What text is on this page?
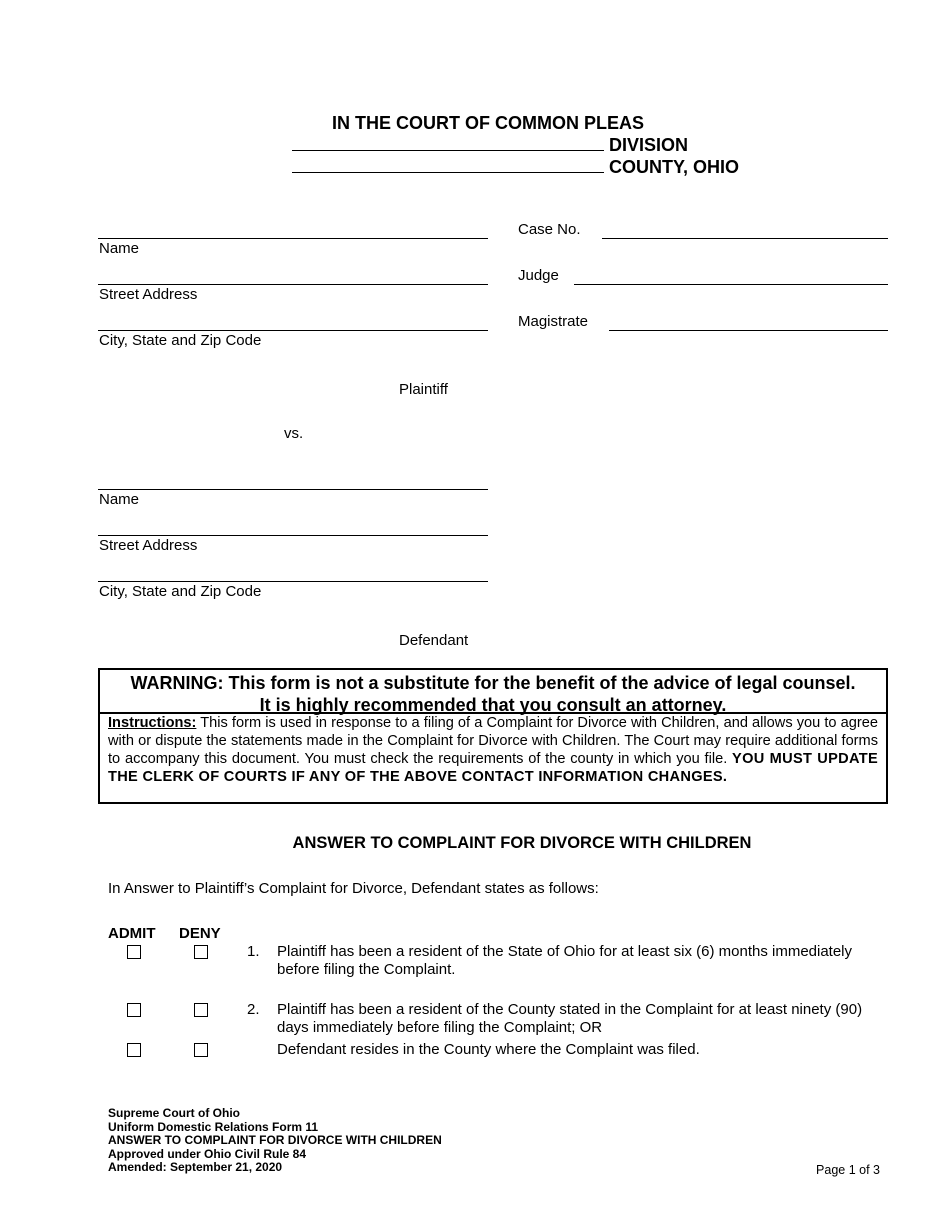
IN THE COURT OF COMMON PLEAS
DIVISION
COUNTY, OHIO
Name
Street Address
City, State and Zip Code
Plaintiff
vs.
Name
Street Address
City, State and Zip Code
Defendant
Case No.
Judge
Magistrate
WARNING: This form is not a substitute for the benefit of the advice of legal counsel.
It is highly recommended that you consult an attorney.
Instructions: This form is used in response to a filing of a Complaint for Divorce with Children, and allows you to agree with or dispute the statements made in the Complaint for Divorce with Children. The Court may require additional forms to accompany this document. You must check the requirements of the county in which you file. YOU MUST UPDATE THE CLERK OF COURTS IF ANY OF THE ABOVE CONTACT INFORMATION CHANGES.
ANSWER TO COMPLAINT FOR DIVORCE WITH CHILDREN
In Answer to Plaintiff’s Complaint for Divorce, Defendant states as follows:
ADMIT DENY
1. Plaintiff has been a resident of the State of Ohio for at least six (6) months immediately before filing the Complaint.
2. Plaintiff has been a resident of the County stated in the Complaint for at least ninety (90) days immediately before filing the Complaint; OR
Defendant resides in the County where the Complaint was filed.
Supreme Court of Ohio
Uniform Domestic Relations Form 11
ANSWER TO COMPLAINT FOR DIVORCE WITH CHILDREN
Approved under Ohio Civil Rule 84
Amended: September 21, 2020	Page 1 of 3
